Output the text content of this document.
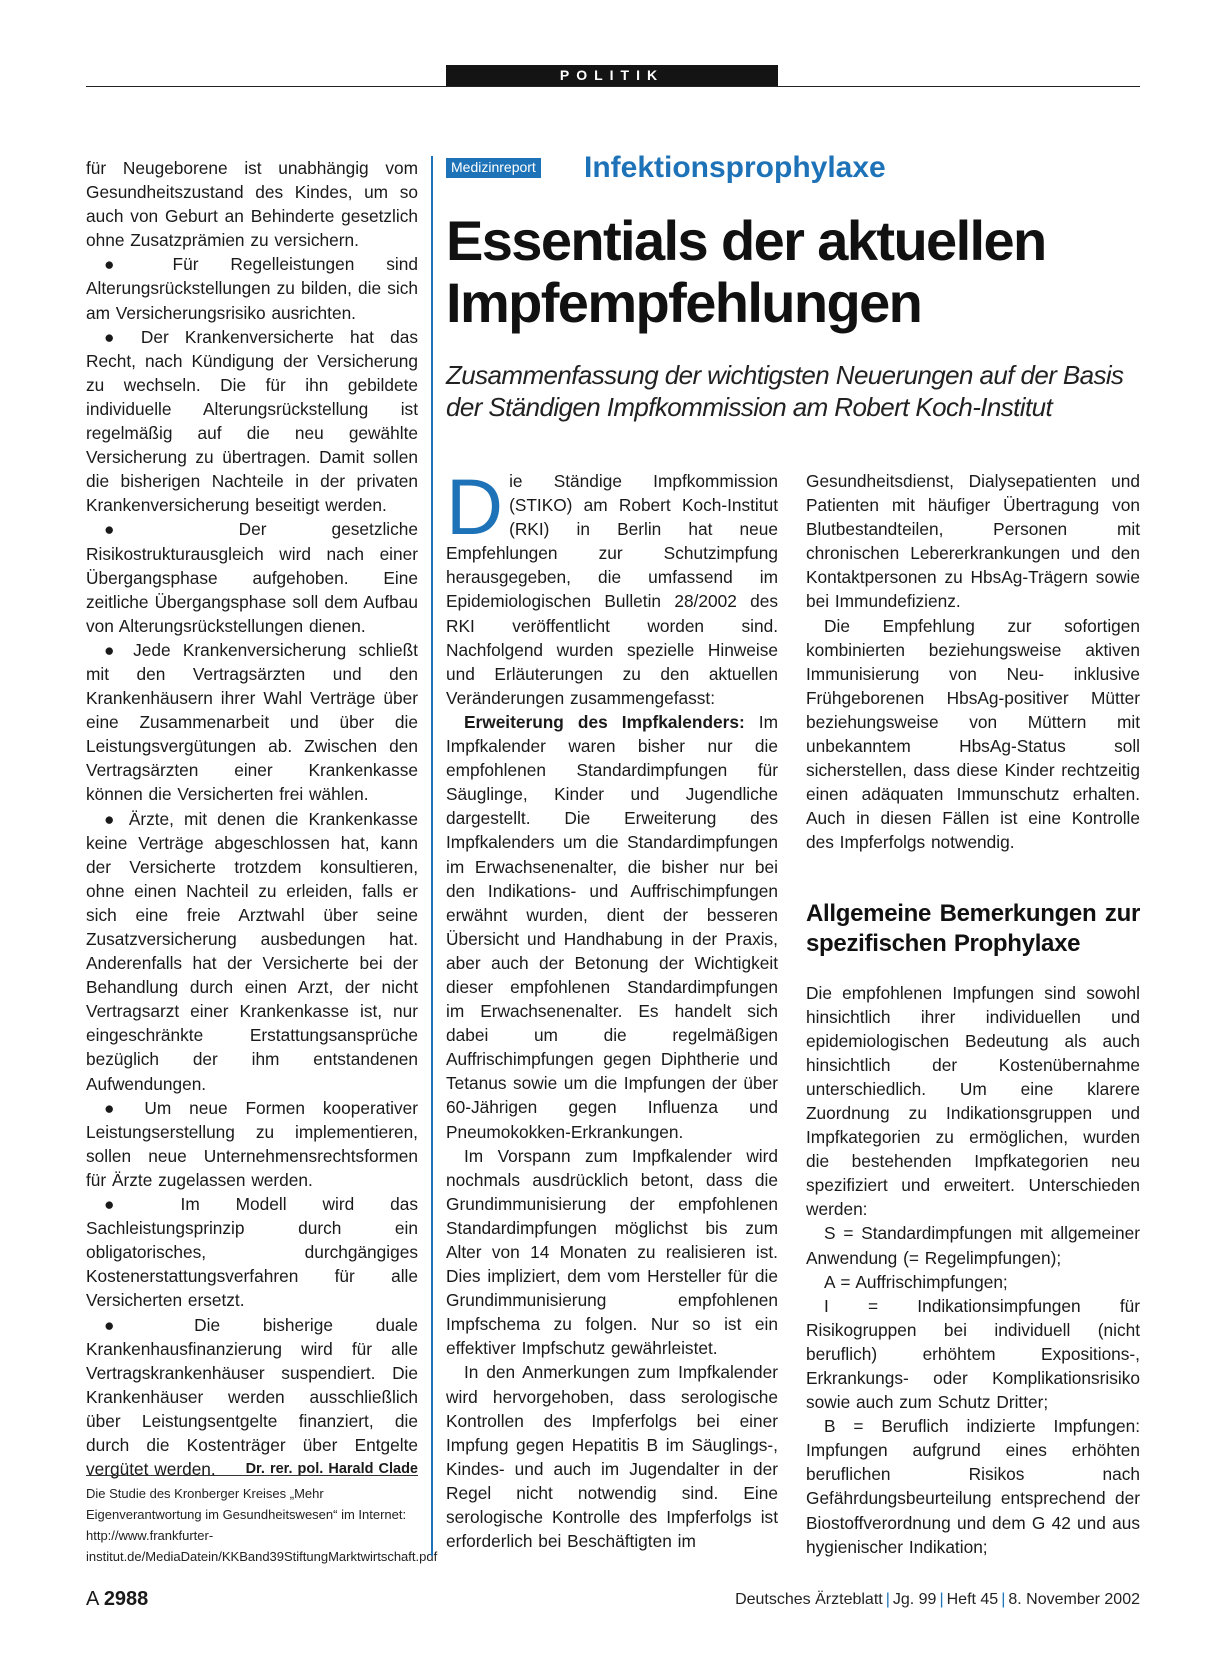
POLITIK

für Neugeborene ist unabhängig vom Gesundheitszustand des Kindes, um so auch von Geburt an Behinderte gesetzlich ohne Zusatzprämien zu versichern.

● Für Regelleistungen sind Alterungsrückstellungen zu bilden, die sich am Versicherungsrisiko ausrichten.

● Der Krankenversicherte hat das Recht, nach Kündigung der Versicherung zu wechseln. Die für ihn gebildete individuelle Alterungsrückstellung ist regelmäßig auf die neu gewählte Versicherung zu übertragen. Damit sollen die bisherigen Nachteile in der privaten Krankenversicherung beseitigt werden.

● Der gesetzliche Risikostrukturausgleich wird nach einer Übergangsphase aufgehoben. Eine zeitliche Übergangsphase soll dem Aufbau von Alterungsrückstellungen dienen.

● Jede Krankenversicherung schließt mit den Vertragsärzten und den Krankenhäusern ihrer Wahl Verträge über eine Zusammenarbeit und über die Leistungsvergütungen ab. Zwischen den Vertragsärzten einer Krankenkasse können die Versicherten frei wählen.

● Ärzte, mit denen die Krankenkasse keine Verträge abgeschlossen hat, kann der Versicherte trotzdem konsultieren, ohne einen Nachteil zu erleiden, falls er sich eine freie Arztwahl über seine Zusatzversicherung ausbedungen hat. Anderenfalls hat der Versicherte bei der Behandlung durch einen Arzt, der nicht Vertragsarzt einer Krankenkasse ist, nur eingeschränkte Erstattungsansprüche bezüglich der ihm entstandenen Aufwendungen.

● Um neue Formen kooperativer Leistungserstellung zu implementieren, sollen neue Unternehmensrechtsformen für Ärzte zugelassen werden.

● Im Modell wird das Sachleistungsprinzip durch ein obligatorisches, durchgängiges Kostenerstattungsverfahren für alle Versicherten ersetzt.

● Die bisherige duale Krankenhausfinanzierung wird für alle Vertragskrankenhäuser suspendiert. Die Krankenhäuser werden ausschließlich über Leistungsentgelte finanziert, die durch die Kostenträger über Entgelte vergütet werden.	Dr. rer. pol. Harald Clade

Die Studie des Kronberger Kreises „Mehr Eigenverantwortung im Gesundheitswesen“ im Internet: http://www.frankfurter-institut.de/MediaDatein/KKBand39StiftungMarktwirtschaft.pdf
Medizinreport Infektionsprophylaxe
Essentials der aktuellen Impfempfehlungen

Zusammenfassung der wichtigsten Neuerungen auf der Basis der Ständigen Impfkommission am Robert Koch-Institut

Die Ständige Impfkommission (STIKO) am Robert Koch-Institut (RKI) in Berlin hat neue Empfehlungen zur Schutzimpfung herausgegeben, die umfassend im Epidemiologischen Bulletin 28/2002 des RKI veröffentlicht worden sind. Nachfolgend wurden spezielle Hinweise und Erläuterungen zu den aktuellen Veränderungen zusammengefasst:

Erweiterung des Impfkalenders: Im Impfkalender waren bisher nur die empfohlenen Standardimpfungen für Säuglinge, Kinder und Jugendliche dargestellt. Die Erweiterung des Impfkalenders um die Standardimpfungen im Erwachsenenalter, die bisher nur bei den Indikations- und Auffrischimpfungen erwähnt wurden, dient der besseren Übersicht und Handhabung in der Praxis, aber auch der Betonung der Wichtigkeit dieser empfohlenen Standardimpfungen im Erwachsenenalter. Es handelt sich dabei um die regelmäßigen Auffrischimpfungen gegen Diphtherie und Tetanus sowie um die Impfungen der über 60-Jährigen gegen Influenza und Pneumokokken-Erkrankungen.

Im Vorspann zum Impfkalender wird nochmals ausdrücklich betont, dass die Grundimmunisierung der empfohlenen Standardimpfungen möglichst bis zum Alter von 14 Monaten zu realisieren ist. Dies impliziert, dem vom Hersteller für die Grundimmunisierung empfohlenen Impfschema zu folgen. Nur so ist ein effektiver Impfschutz gewährleistet.

In den Anmerkungen zum Impfkalender wird hervorgehoben, dass serologische Kontrollen des Impferfolgs bei einer Impfung gegen Hepatitis B im Säuglings-, Kindes- und auch im Jugendalter in der Regel nicht notwendig sind. Eine serologische Kontrolle des Impferfolgs ist erforderlich bei Beschäftigten im

Gesundheitsdienst, Dialysepatienten und Patienten mit häufiger Übertragung von Blutbestandteilen, Personen mit chronischen Lebererkrankungen und den Kontaktpersonen zu HbsAg-Trägern sowie bei Immundefizienz.

Die Empfehlung zur sofortigen kombinierten beziehungsweise aktiven Immunisierung von Neu- inklusive Frühgeborenen HbsAg-positiver Mütter beziehungsweise von Müttern mit unbekanntem HbsAg-Status soll sicherstellen, dass diese Kinder rechtzeitig einen adäquaten Immunschutz erhalten. Auch in diesen Fällen ist eine Kontrolle des Impferfolgs notwendig.

Allgemeine Bemerkungen zur spezifischen Prophylaxe

Die empfohlenen Impfungen sind sowohl hinsichtlich ihrer individuellen und epidemiologischen Bedeutung als auch hinsichtlich der Kostenübernahme unterschiedlich. Um eine klarere Zuordnung zu Indikationsgruppen und Impfkategorien zu ermöglichen, wurden die bestehenden Impfkategorien neu spezifiziert und erweitert. Unterschieden werden:

S = Standardimpfungen mit allgemeiner Anwendung (= Regelimpfungen);

A = Auffrischimpfungen;

I = Indikationsimpfungen für Risikogruppen bei individuell (nicht beruflich) erhöhtem Expositions-, Erkrankungs- oder Komplikationsrisiko sowie auch zum Schutz Dritter;

B = Beruflich indizierte Impfungen: Impfungen aufgrund eines erhöhten beruflichen Risikos nach Gefährdungsbeurteilung entsprechend der Biostoffverordnung und dem G 42 und aus hygienischer Indikation;

A 2988	Deutsches Ärzteblatt | Jg. 99 | Heft 45 | 8. November 2002
